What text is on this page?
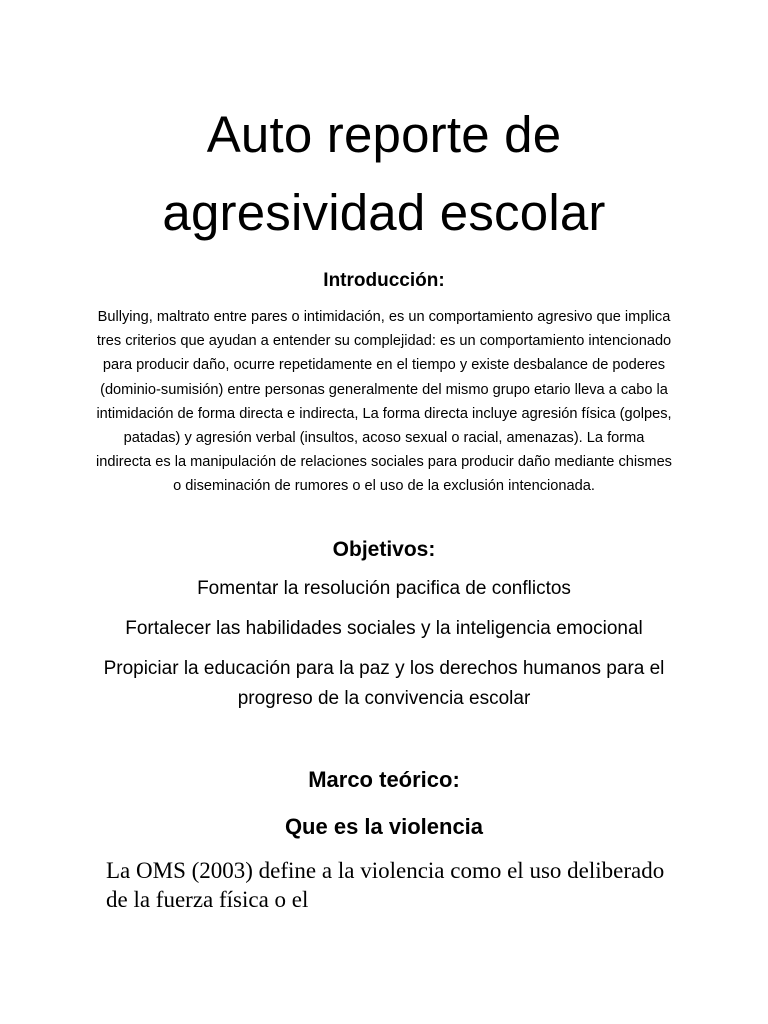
Auto reporte de
agresividad escolar
Introducción:

Bullying, maltrato entre pares o intimidación, es un comportamiento agresivo que implica tres criterios que ayudan a entender su complejidad: es un comportamiento intencionado para producir daño, ocurre repetidamente en el tiempo y existe desbalance de poderes (dominio-sumisión) entre personas generalmente del mismo grupo etario lleva a cabo la intimidación de forma directa e indirecta, La forma directa incluye agresión física (golpes, patadas) y agresión verbal (insultos, acoso sexual o racial, amenazas). La forma indirecta es la manipulación de relaciones sociales para producir daño mediante chismes o diseminación de rumores o el uso de la exclusión intencionada.

Objetivos:
Fomentar la resolución pacifica de conflictos
Fortalecer las habilidades sociales y la inteligencia emocional
Propiciar la educación para la paz y los derechos humanos para el progreso de la convivencia escolar
Marco teórico:
Que es la violencia

La OMS (2003) define a la violencia como el uso deliberado de la fuerza física o el
